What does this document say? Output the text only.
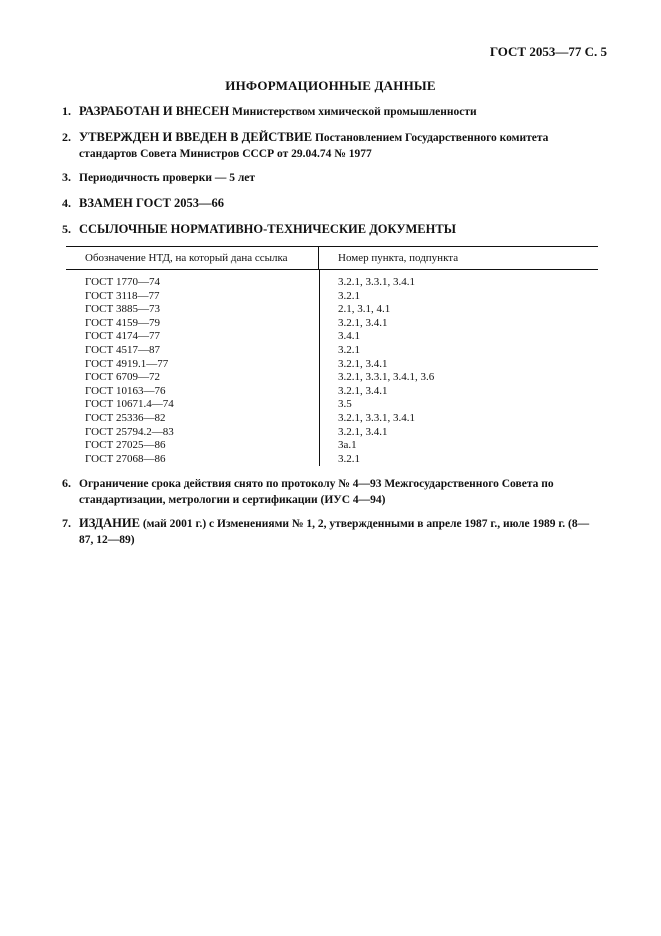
ГОСТ 2053—77 С. 5
ИНФОРМАЦИОННЫЕ ДАННЫЕ
1. РАЗРАБОТАН И ВНЕСЕН Министерством химической промышленности
2. УТВЕРЖДЕН И ВВЕДЕН В ДЕЙСТВИЕ Постановлением Государственного комитета стандартов Совета Министров СССР от 29.04.74 № 1977
3. Периодичность проверки — 5 лет
4. ВЗАМЕН ГОСТ 2053—66
5. ССЫЛОЧНЫЕ НОРМАТИВНО-ТЕХНИЧЕСКИЕ ДОКУМЕНТЫ
Обозначение НТД, на который дана ссылка	Номер пункта, подпункта
ГОСТ 1770—74	3.2.1, 3.3.1, 3.4.1
ГОСТ 3118—77	3.2.1
ГОСТ 3885—73	2.1, 3.1, 4.1
ГОСТ 4159—79	3.2.1, 3.4.1
ГОСТ 4174—77	3.4.1
ГОСТ 4517—87	3.2.1
ГОСТ 4919.1—77	3.2.1, 3.4.1
ГОСТ 6709—72	3.2.1, 3.3.1, 3.4.1, 3.6
ГОСТ 10163—76	3.2.1, 3.4.1
ГОСТ 10671.4—74	3.5
ГОСТ 25336—82	3.2.1, 3.3.1, 3.4.1
ГОСТ 25794.2—83	3.2.1, 3.4.1
ГОСТ 27025—86	3а.1
ГОСТ 27068—86	3.2.1
6. Ограничение срока действия снято по протоколу № 4—93 Межгосударственного Совета по стандартизации, метрологии и сертификации (ИУС 4—94)
7. ИЗДАНИЕ (май 2001 г.) с Изменениями № 1, 2, утвержденными в апреле 1987 г., июле 1989 г. (8—87, 12—89)
